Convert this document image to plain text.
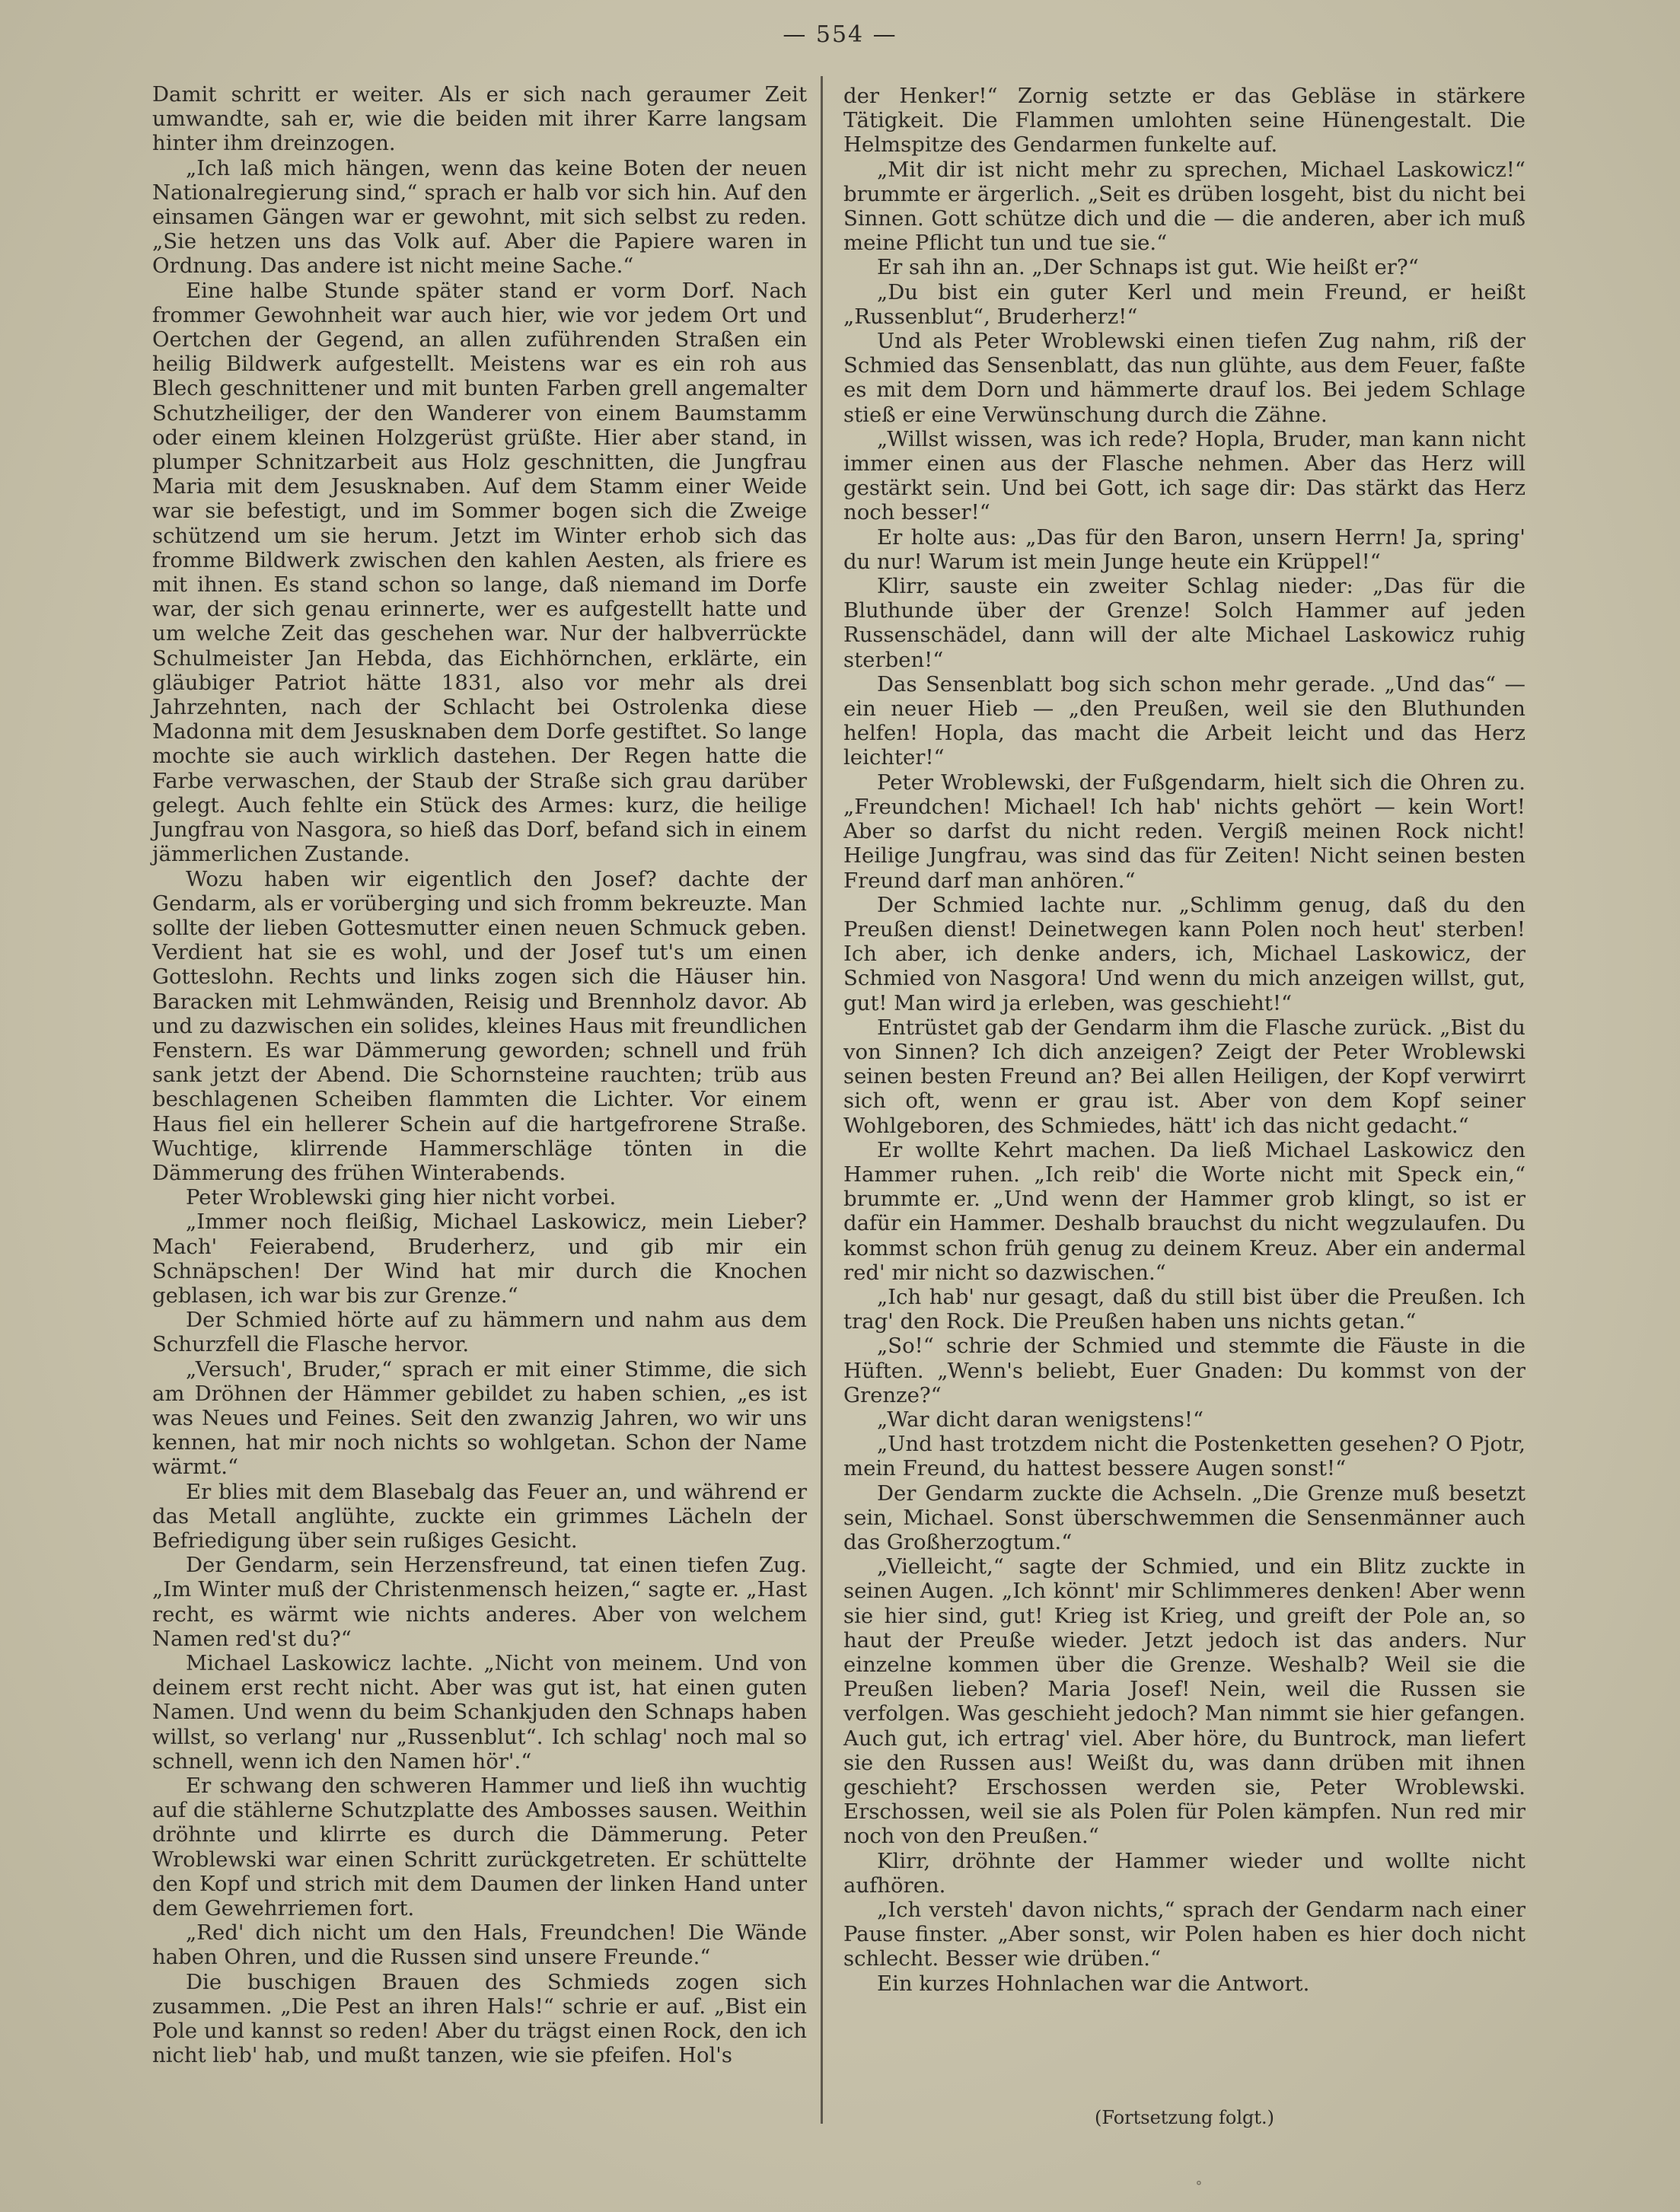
— 554 —

Damit schritt er weiter. Als er sich nach geraumer Zeit umwandte, sah er, wie die beiden mit ihrer Karre langsam hinter ihm dreinzogen.

„Ich laß mich hängen, wenn das keine Boten der neuen Nationalregierung sind,“ sprach er halb vor sich hin. Auf den einsamen Gängen war er gewohnt, mit sich selbst zu reden. „Sie hetzen uns das Volk auf. Aber die Papiere waren in Ordnung. Das andere ist nicht meine Sache.“

Eine halbe Stunde später stand er vorm Dorf. Nach frommer Gewohnheit war auch hier, wie vor jedem Ort und Oertchen der Gegend, an allen zuführenden Straßen ein heilig Bildwerk aufgestellt. Meistens war es ein roh aus Blech geschnittener und mit bunten Farben grell angemalter Schutzheiliger, der den Wanderer von einem Baumstamm oder einem kleinen Holzgerüst grüßte. Hier aber stand, in plumper Schnitzarbeit aus Holz geschnitten, die Jungfrau Maria mit dem Jesusknaben. Auf dem Stamm einer Weide war sie befestigt, und im Sommer bogen sich die Zweige schützend um sie herum. Jetzt im Winter erhob sich das fromme Bildwerk zwischen den kahlen Aesten, als friere es mit ihnen. Es stand schon so lange, daß niemand im Dorfe war, der sich genau erinnerte, wer es aufgestellt hatte und um welche Zeit das geschehen war. Nur der halbverrückte Schulmeister Jan Hebda, das Eichhörnchen, erklärte, ein gläubiger Patriot hätte 1831, also vor mehr als drei Jahrzehnten, nach der Schlacht bei Ostrolenka diese Madonna mit dem Jesusknaben dem Dorfe gestiftet. So lange mochte sie auch wirklich dastehen. Der Regen hatte die Farbe verwaschen, der Staub der Straße sich grau darüber gelegt. Auch fehlte ein Stück des Armes: kurz, die heilige Jungfrau von Nasgora, so hieß das Dorf, befand sich in einem jämmerlichen Zustande.

Wozu haben wir eigentlich den Josef? dachte der Gendarm, als er vorüberging und sich fromm bekreuzte. Man sollte der lieben Gottesmutter einen neuen Schmuck geben. Verdient hat sie es wohl, und der Josef tut's um einen Gotteslohn. Rechts und links zogen sich die Häuser hin. Baracken mit Lehmwänden, Reisig und Brennholz davor. Ab und zu dazwischen ein solides, kleines Haus mit freundlichen Fenstern. Es war Dämmerung geworden; schnell und früh sank jetzt der Abend. Die Schornsteine rauchten; trüb aus beschlagenen Scheiben flammten die Lichter. Vor einem Haus fiel ein hellerer Schein auf die hartgefrorene Straße. Wuchtige, klirrende Hammerschläge tönten in die Dämmerung des frühen Winterabends.

Peter Wroblewski ging hier nicht vorbei.

„Immer noch fleißig, Michael Laskowicz, mein Lieber? Mach' Feierabend, Bruderherz, und gib mir ein Schnäpschen! Der Wind hat mir durch die Knochen geblasen, ich war bis zur Grenze.“

Der Schmied hörte auf zu hämmern und nahm aus dem Schurzfell die Flasche hervor.

„Versuch', Bruder,“ sprach er mit einer Stimme, die sich am Dröhnen der Hämmer gebildet zu haben schien, „es ist was Neues und Feines. Seit den zwanzig Jahren, wo wir uns kennen, hat mir noch nichts so wohlgetan. Schon der Name wärmt.“

Er blies mit dem Blasebalg das Feuer an, und während er das Metall anglühte, zuckte ein grimmes Lächeln der Befriedigung über sein rußiges Gesicht.

Der Gendarm, sein Herzensfreund, tat einen tiefen Zug. „Im Winter muß der Christenmensch heizen,“ sagte er. „Hast recht, es wärmt wie nichts anderes. Aber von welchem Namen red'st du?“

Michael Laskowicz lachte. „Nicht von meinem. Und von deinem erst recht nicht. Aber was gut ist, hat einen guten Namen. Und wenn du beim Schankjuden den Schnaps haben willst, so verlang' nur „Russenblut“. Ich schlag' noch mal so schnell, wenn ich den Namen hör'.“

Er schwang den schweren Hammer und ließ ihn wuchtig auf die stählerne Schutzplatte des Ambosses sausen. Weithin dröhnte und klirrte es durch die Dämmerung. Peter Wroblewski war einen Schritt zurückgetreten. Er schüttelte den Kopf und strich mit dem Daumen der linken Hand unter dem Gewehrriemen fort.

„Red' dich nicht um den Hals, Freundchen! Die Wände haben Ohren, und die Russen sind unsere Freunde.“

Die buschigen Brauen des Schmieds zogen sich zusammen. „Die Pest an ihren Hals!“ schrie er auf. „Bist ein Pole und kannst so reden! Aber du trägst einen Rock, den ich nicht lieb' hab, und mußt tanzen, wie sie pfeifen. Hol's

der Henker!“ Zornig setzte er das Gebläse in stärkere Tätigkeit. Die Flammen umlohten seine Hünengestalt. Die Helmspitze des Gendarmen funkelte auf.

„Mit dir ist nicht mehr zu sprechen, Michael Laskowicz!“ brummte er ärgerlich. „Seit es drüben losgeht, bist du nicht bei Sinnen. Gott schütze dich und die — die anderen, aber ich muß meine Pflicht tun und tue sie.“

Er sah ihn an. „Der Schnaps ist gut. Wie heißt er?“

„Du bist ein guter Kerl und mein Freund, er heißt „Russenblut“, Bruderherz!“

Und als Peter Wroblewski einen tiefen Zug nahm, riß der Schmied das Sensenblatt, das nun glühte, aus dem Feuer, faßte es mit dem Dorn und hämmerte drauf los. Bei jedem Schlage stieß er eine Verwünschung durch die Zähne.

„Willst wissen, was ich rede? Hopla, Bruder, man kann nicht immer einen aus der Flasche nehmen. Aber das Herz will gestärkt sein. Und bei Gott, ich sage dir: Das stärkt das Herz noch besser!“

Er holte aus: „Das für den Baron, unsern Herrn! Ja, spring' du nur! Warum ist mein Junge heute ein Krüppel!“

Klirr, sauste ein zweiter Schlag nieder: „Das für die Bluthunde über der Grenze! Solch Hammer auf jeden Russenschädel, dann will der alte Michael Laskowicz ruhig sterben!“

Das Sensenblatt bog sich schon mehr gerade. „Und das“ — ein neuer Hieb — „den Preußen, weil sie den Bluthunden helfen! Hopla, das macht die Arbeit leicht und das Herz leichter!“

Peter Wroblewski, der Fußgendarm, hielt sich die Ohren zu. „Freundchen! Michael! Ich hab' nichts gehört — kein Wort! Aber so darfst du nicht reden. Vergiß meinen Rock nicht! Heilige Jungfrau, was sind das für Zeiten! Nicht seinen besten Freund darf man anhören.“

Der Schmied lachte nur. „Schlimm genug, daß du den Preußen dienst! Deinetwegen kann Polen noch heut' sterben! Ich aber, ich denke anders, ich, Michael Laskowicz, der Schmied von Nasgora! Und wenn du mich anzeigen willst, gut, gut! Man wird ja erleben, was geschieht!“

Entrüstet gab der Gendarm ihm die Flasche zurück. „Bist du von Sinnen? Ich dich anzeigen? Zeigt der Peter Wroblewski seinen besten Freund an? Bei allen Heiligen, der Kopf verwirrt sich oft, wenn er grau ist. Aber von dem Kopf seiner Wohlgeboren, des Schmiedes, hätt' ich das nicht gedacht.“

Er wollte Kehrt machen. Da ließ Michael Laskowicz den Hammer ruhen. „Ich reib' die Worte nicht mit Speck ein,“ brummte er. „Und wenn der Hammer grob klingt, so ist er dafür ein Hammer. Deshalb brauchst du nicht wegzulaufen. Du kommst schon früh genug zu deinem Kreuz. Aber ein andermal red' mir nicht so dazwischen.“

„Ich hab' nur gesagt, daß du still bist über die Preußen. Ich trag' den Rock. Die Preußen haben uns nichts getan.“

„So!“ schrie der Schmied und stemmte die Fäuste in die Hüften. „Wenn's beliebt, Euer Gnaden: Du kommst von der Grenze?“

„War dicht daran wenigstens!“

„Und hast trotzdem nicht die Postenketten gesehen? O Pjotr, mein Freund, du hattest bessere Augen sonst!“

Der Gendarm zuckte die Achseln. „Die Grenze muß besetzt sein, Michael. Sonst überschwemmen die Sensenmänner auch das Großherzogtum.“

„Vielleicht,“ sagte der Schmied, und ein Blitz zuckte in seinen Augen. „Ich könnt' mir Schlimmeres denken! Aber wenn sie hier sind, gut! Krieg ist Krieg, und greift der Pole an, so haut der Preuße wieder. Jetzt jedoch ist das anders. Nur einzelne kommen über die Grenze. Weshalb? Weil sie die Preußen lieben? Maria Josef! Nein, weil die Russen sie verfolgen. Was geschieht jedoch? Man nimmt sie hier gefangen. Auch gut, ich ertrag' viel. Aber höre, du Buntrock, man liefert sie den Russen aus! Weißt du, was dann drüben mit ihnen geschieht? Erschossen werden sie, Peter Wroblewski. Erschossen, weil sie als Polen für Polen kämpfen. Nun red mir noch von den Preußen.“

Klirr, dröhnte der Hammer wieder und wollte nicht aufhören.

„Ich versteh' davon nichts,“ sprach der Gendarm nach einer Pause finster. „Aber sonst, wir Polen haben es hier doch nicht schlecht. Besser wie drüben.“

Ein kurzes Hohnlachen war die Antwort.

(Fortsetzung folgt.)
∘
